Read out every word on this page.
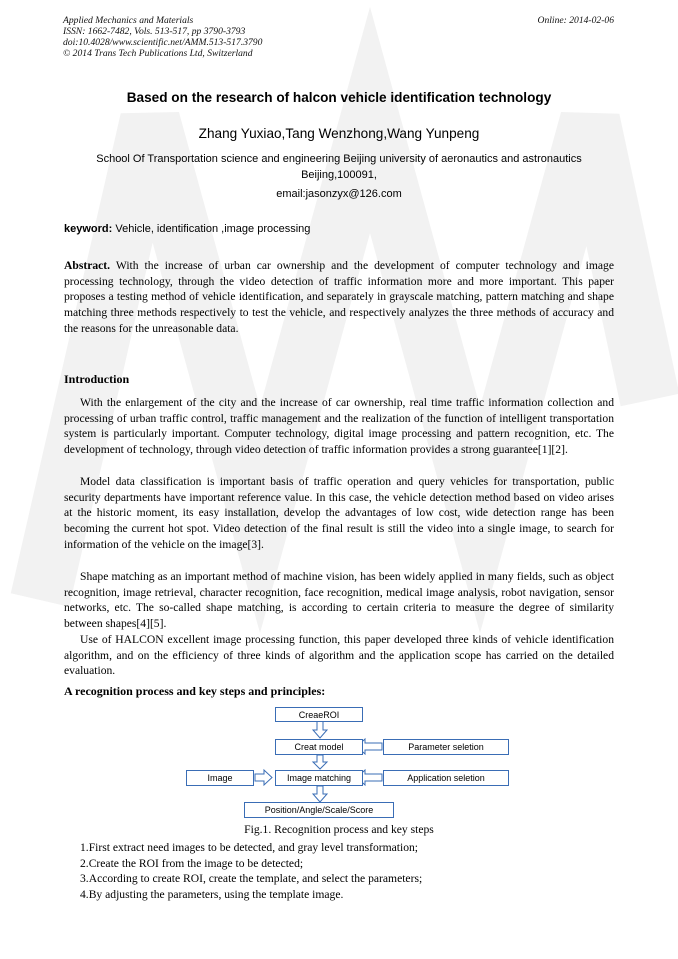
Applied Mechanics and Materials
ISSN: 1662-7482, Vols. 513-517, pp 3790-3793
doi:10.4028/www.scientific.net/AMM.513-517.3790
© 2014 Trans Tech Publications Ltd, Switzerland
Online: 2014-02-06
Based on the research of halcon vehicle identification technology
Zhang Yuxiao,Tang Wenzhong,Wang Yunpeng
School Of Transportation science and engineering Beijing university of aeronautics and astronautics Beijing,100091,
email:jasonzyx@126.com
keyword: Vehicle, identification ,image processing

Abstract. With the increase of urban car ownership and the development of computer technology and image processing technology, through the video detection of traffic information more and more important. This paper proposes a testing method of vehicle identification, and separately in grayscale matching, pattern matching and shape matching three methods respectively to test the vehicle, and respectively analyzes the three methods of accuracy and the reasons for the unreasonable data.

Introduction

With the enlargement of the city and the increase of car ownership, real time traffic information collection and processing of urban traffic control, traffic management and the realization of the function of intelligent transportation system is particularly important. Computer technology, digital image processing and pattern recognition, etc. The development of technology, through video detection of traffic information provides a strong guarantee[1][2].

Model data classification is important basis of traffic operation and query vehicles for transportation, public security departments have important reference value. In this case, the vehicle detection method based on video arises at the historic moment, its easy installation, develop the advantages of low cost, wide detection range has been becoming the current hot spot. Video detection of the final result is still the video into a single image, to search for information of the vehicle on the image[3].

Shape matching as an important method of machine vision, has been widely applied in many fields, such as object recognition, image retrieval, character recognition, face recognition, medical image analysis, robot navigation, sensor networks, etc. The so-called shape matching, is according to certain criteria to measure the degree of similarity between shapes[4][5].

Use of HALCON excellent image processing function, this paper developed three kinds of vehicle identification algorithm, and on the efficiency of three kinds of algorithm and the application scope has carried on the detailed evaluation.

A recognition process and key steps and principles:
CreaeROI
Creat model	Parameter seletion
Image	Image matching	Application seletion
Position/Angle/Scale/Score
Fig.1. Recognition process and key steps
1.First extract need images to be detected, and gray level transformation;
2.Create the ROI from the image to be detected;
3.According to create ROI, create the template, and select the parameters;
4.By adjusting the parameters, using the template image.
